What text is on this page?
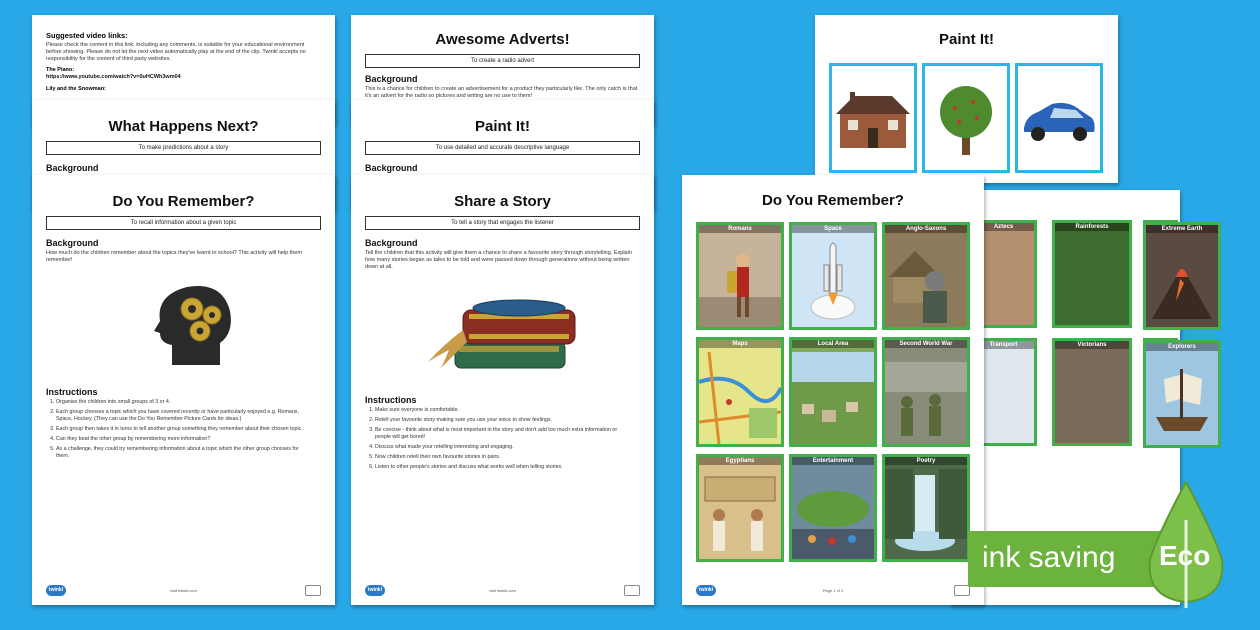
Suggested video links:
Please check the content in this link, including any comments, is suitable for your educational environment before showing. Please do not let the next video automatically play at the end of the clip. Twinkl accepts no responsibility for the content of third party websites.
The Piano:
https://www.youtube.com/watch?v=0uHCWh3wm04
Lily and the Snowman:
What Happens Next?
To make predictions about a story
Background
Do You Remember?
To recall information about a given topic
Background
How much do the children remember about the topics they've learnt in school? This activity will help them remember!
Instructions
1. Organise the children into small groups of 3 or 4.
2. Each group chooses a topic which you have covered recently or have particularly enjoyed e.g. Romans, Space, Hockey. (They can use the Do You Remember Picture Cards for ideas.)
3. Each group then takes it in turns to tell another group something they remember about their chosen topic.
4. Can they beat the other group by remembering more information?
5. As a challenge, they could try remembering information about a topic which the other group chooses for them.
twinkl	visit twinkl.com
Awesome Adverts!
To create a radio advert
Background
This is a chance for children to create an advertisement for a product they particularly like. The only catch is that it's an advert for the radio so pictures and writing are no use to them!
Paint It!
To use detailed and accurate descriptive language
Background
Share a Story
To tell a story that engages the listener
Background
Tell the children that this activity will give them a chance to share a favourite story through storytelling. Explain how many stories began as tales to be told and were passed down through generations without being written down at all.
Instructions
1. Make sure everyone is comfortable.
2. Retell your favourite story making sure you use your voice to show feelings.
3. Be concise - think about what is most important in the story and don't add too much extra information or people will get bored!
4. Discuss what made your retelling interesting and engaging.
5. Now children retell their own favourite stories in pairs.
6. Listen to other people's stories and discuss what works well when telling stories.
twinkl	visit twinkl.com
Paint It!
Aztecs	Rainforests
Transport	Victorians
Extreme Earth
Explorers
Do You Remember?
Romans	Space	Anglo-Saxons
Maps	Local Area	Second World War
Egyptians	Entertainment	Poetry
twinkl	Page 1 of 2
ink saving Eco
